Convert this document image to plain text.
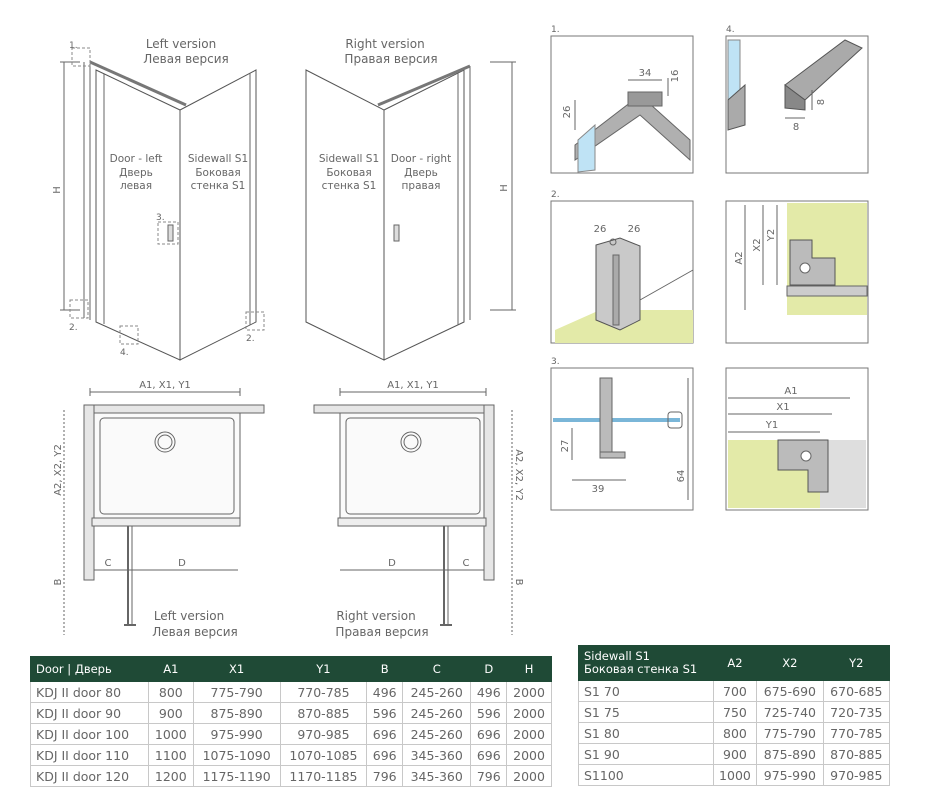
Left version
Левая версия
Right version
Правая версия
Door - left
Дверь
левая
Sidewall S1
Боковая
стенка S1
Sidewall S1
Боковая
стенка S1
Door - right
Дверь
правая
H	H
1.
3.
2.
2.
4.
A1, X1, Y1	A1, X1, Y1
A2, X2, Y2	A2, X2, Y2
B	B
C	D	D	C
Left version
Левая версия
Right version
Правая версия
1.
34 16
26
4.
8
8
2.
26 26
A2
X2
Y2
3.
27
39
64
A1
X1
Y1
Door | Дверь	A1	X1	Y1	B	C	D	H
KDJ II door 80	800	775-790	770-785	496	245-260	496	2000
KDJ II door 90	900	875-890	870-885	596	245-260	596	2000
KDJ II door 100	1000	975-990	970-985	696	245-260	696	2000
KDJ II door 110	1100	1075-1090	1070-1085	696	345-360	696	2000
KDJ II door 120	1200	1175-1190	1170-1185	796	345-360	796	2000
Sidewall S1
Боковая стенка S1	A2	X2	Y2
S1 70	700	675-690	670-685
S1 75	750	725-740	720-735
S1 80	800	775-790	770-785
S1 90	900	875-890	870-885
S1100	1000	975-990	970-985
